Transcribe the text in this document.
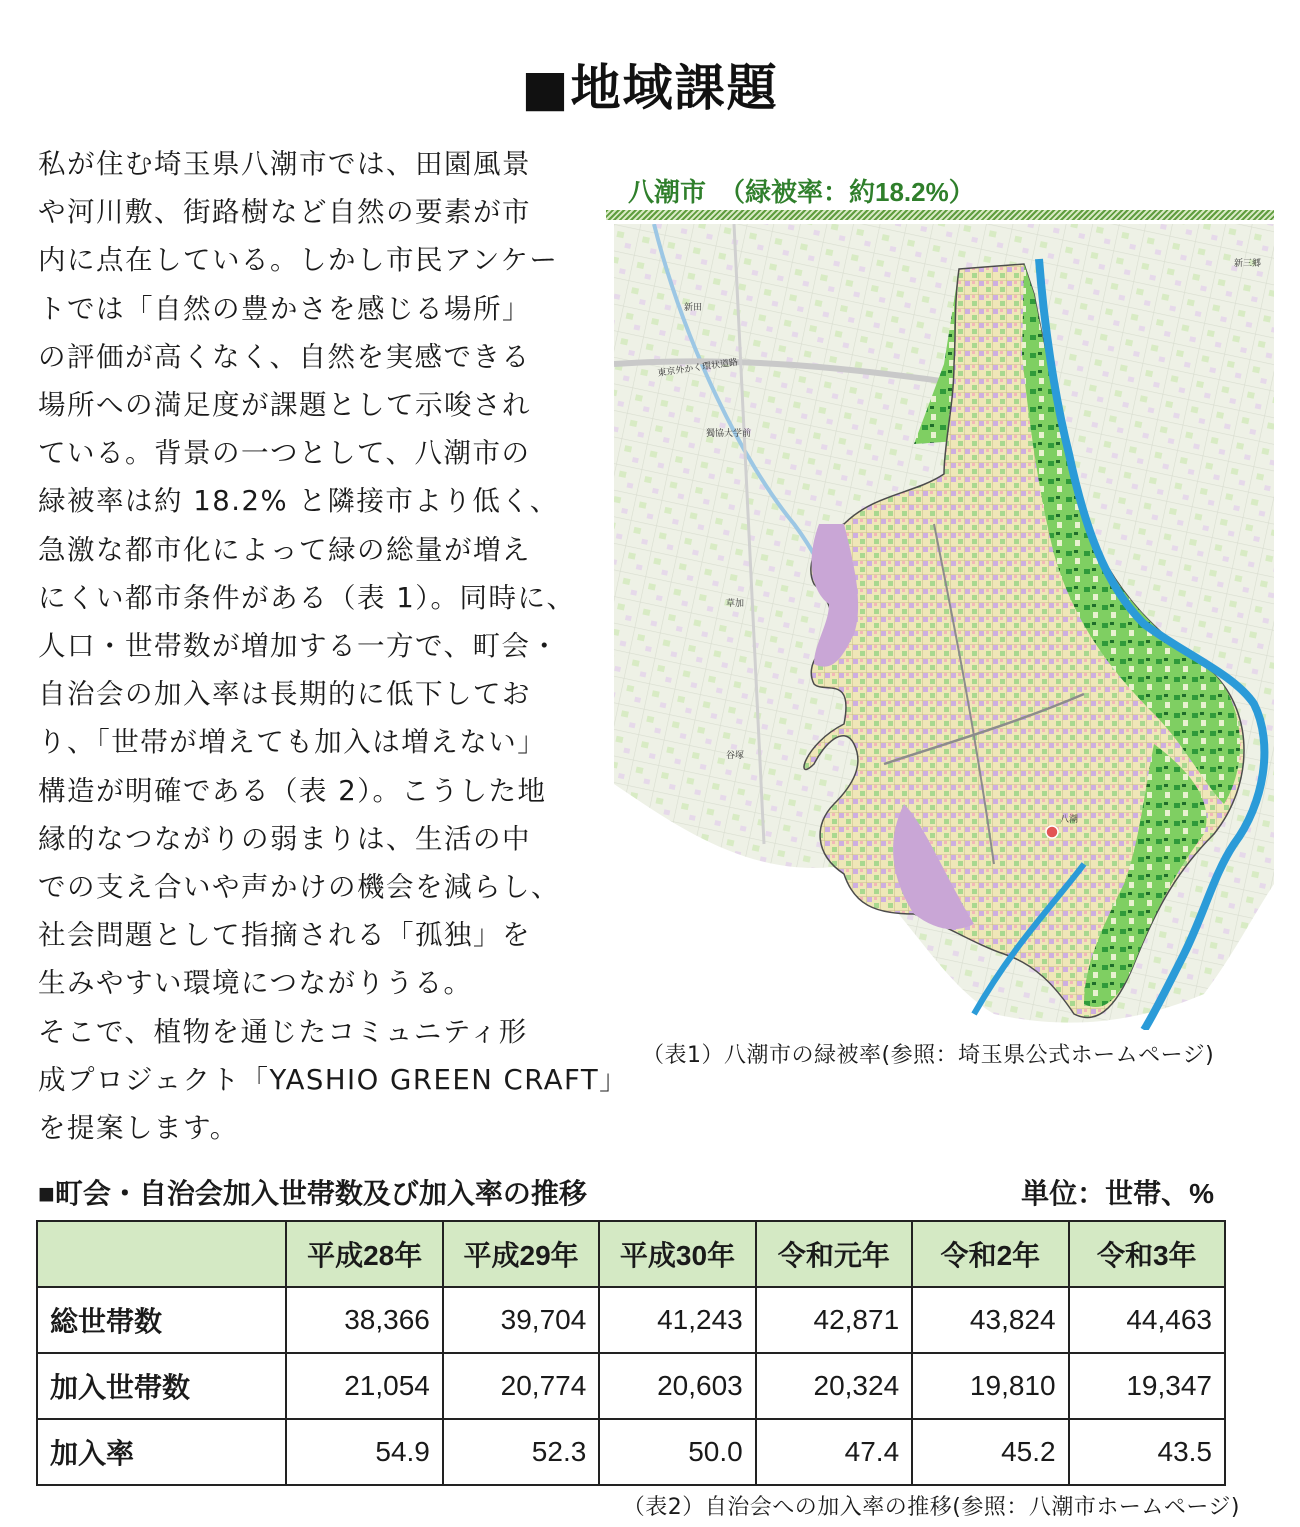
■地域課題

私が住む埼玉県八潮市では、田園風景

や河川敷、街路樹など自然の要素が市

内に点在している。しかし市民アンケー

トでは「自然の豊かさを感じる場所」

の評価が高くなく、自然を実感できる

場所への満足度が課題として示唆され

ている。背景の一つとして、八潮市の

緑被率は約 18.2% と隣接市より低く、

急激な都市化によって緑の総量が増え

にくい都市条件がある（表 1）。同時に、

人口・世帯数が増加する一方で、町会・

自治会の加入率は長期的に低下してお

り、「世帯が増えても加入は増えない」

構造が明確である（表 2）。こうした地

縁的なつながりの弱まりは、生活の中

での支え合いや声かけの機会を減らし、

社会問題として指摘される「孤独」を

生みやすい環境につながりうる。

そこで、植物を通じたコミュニティ形

成プロジェクト「YASHIO GREEN CRAFT」

を提案します。

八潮市　（緑被率：約18.2%）
新田
東京外かく環状道路
獨協大学前
草加
谷塚
八潮
新三郷
（表1）八潮市の緑被率(参照：埼玉県公式ホームページ)
■町会・自治会加入世帯数及び加入率の推移	単位：世帯、%
	平成28年	平成29年	平成30年	令和元年	令和2年	令和3年
総世帯数	38,366	39,704	41,243	42,871	43,824	44,463
加入世帯数	21,054	20,774	20,603	20,324	19,810	19,347
加入率	54.9	52.3	50.0	47.4	45.2	43.5
（表2）自治会への加入率の推移(参照：八潮市ホームページ)
